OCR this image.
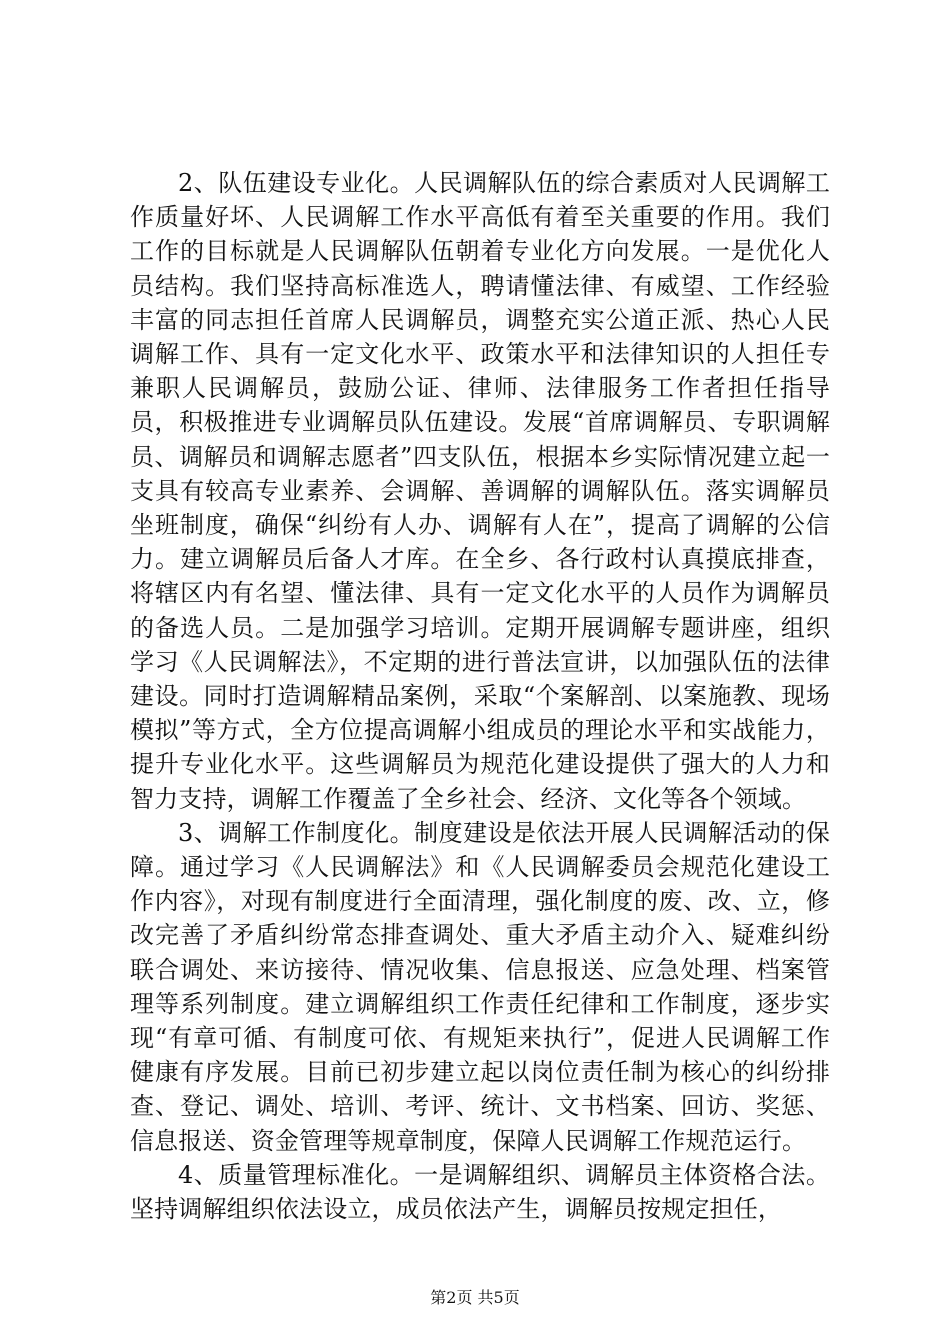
2、队伍建设专业化。人民调解队伍的综合素质对人民调解工作质量好坏、人民调解工作水平高低有着至关重要的作用。我们工作的目标就是人民调解队伍朝着专业化方向发展。一是优化人员结构。我们坚持高标准选人，聘请懂法律、有威望、工作经验丰富的同志担任首席人民调解员，调整充实公道正派、热心人民调解工作、具有一定文化水平、政策水平和法律知识的人担任专兼职人民调解员，鼓励公证、律师、法律服务工作者担任指导员，积极推进专业调解员队伍建设。发展“首席调解员、专职调解员、调解员和调解志愿者”四支队伍，根据本乡实际情况建立起一支具有较高专业素养、会调解、善调解的调解队伍。落实调解员坐班制度，确保“纠纷有人办、调解有人在”，提高了调解的公信力。建立调解员后备人才库。在全乡、各行政村认真摸底排查，将辖区内有名望、懂法律、具有一定文化水平的人员作为调解员的备选人员。二是加强学习培训。定期开展调解专题讲座，组织学习《人民调解法》，不定期的进行普法宣讲，以加强队伍的法律建设。同时打造调解精品案例，采取“个案解剖、以案施教、现场模拟”等方式，全方位提高调解小组成员的理论水平和实战能力，提升专业化水平。这些调解员为规范化建设提供了强大的人力和智力支持，调解工作覆盖了全乡社会、经济、文化等各个领域。

3、调解工作制度化。制度建设是依法开展人民调解活动的保障。通过学习《人民调解法》和《人民调解委员会规范化建设工作内容》，对现有制度进行全面清理，强化制度的废、改、立，修改完善了矛盾纠纷常态排查调处、重大矛盾主动介入、疑难纠纷联合调处、来访接待、情况收集、信息报送、应急处理、档案管理等系列制度。建立调解组织工作责任纪律和工作制度，逐步实现“有章可循、有制度可依、有规矩来执行”，促进人民调解工作健康有序发展。目前已初步建立起以岗位责任制为核心的纠纷排查、登记、调处、培训、考评、统计、文书档案、回访、奖惩、信息报送、资金管理等规章制度，保障人民调解工作规范运行。

4、质量管理标准化。一是调解组织、调解员主体资格合法。坚持调解组织依法设立，成员依法产生，调解员按规定担任，

第2页 共5页
